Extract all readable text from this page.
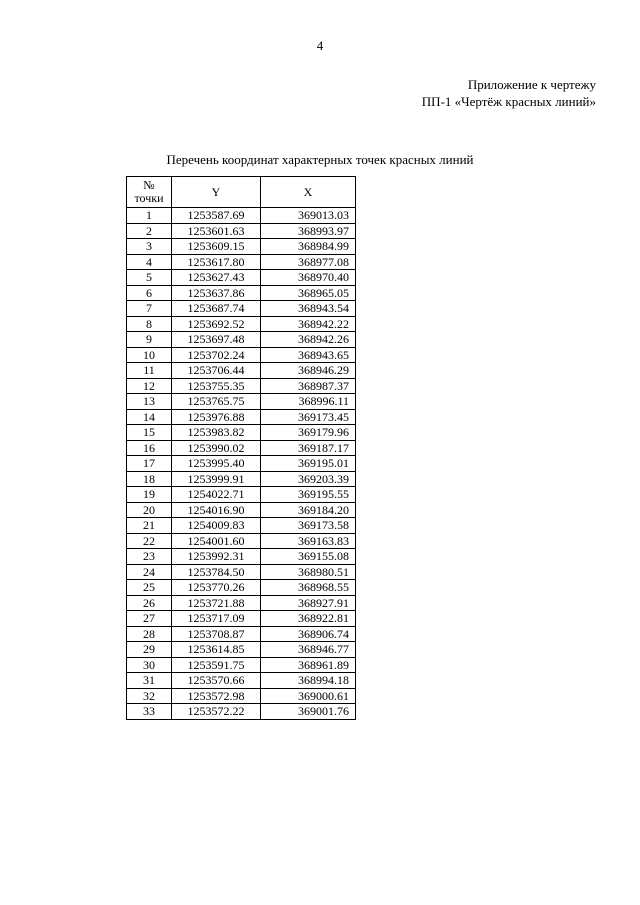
4
Приложение к чертежу
ПП-1 «Чертёж красных линий»
Перечень координат характерных точек красных линий
№
точки	Y	X
1	1253587.69	369013.03
2	1253601.63	368993.97
3	1253609.15	368984.99
4	1253617.80	368977.08
5	1253627.43	368970.40
6	1253637.86	368965.05
7	1253687.74	368943.54
8	1253692.52	368942.22
9	1253697.48	368942.26
10	1253702.24	368943.65
11	1253706.44	368946.29
12	1253755.35	368987.37
13	1253765.75	368996.11
14	1253976.88	369173.45
15	1253983.82	369179.96
16	1253990.02	369187.17
17	1253995.40	369195.01
18	1253999.91	369203.39
19	1254022.71	369195.55
20	1254016.90	369184.20
21	1254009.83	369173.58
22	1254001.60	369163.83
23	1253992.31	369155.08
24	1253784.50	368980.51
25	1253770.26	368968.55
26	1253721.88	368927.91
27	1253717.09	368922.81
28	1253708.87	368906.74
29	1253614.85	368946.77
30	1253591.75	368961.89
31	1253570.66	368994.18
32	1253572.98	369000.61
33	1253572.22	369001.76
